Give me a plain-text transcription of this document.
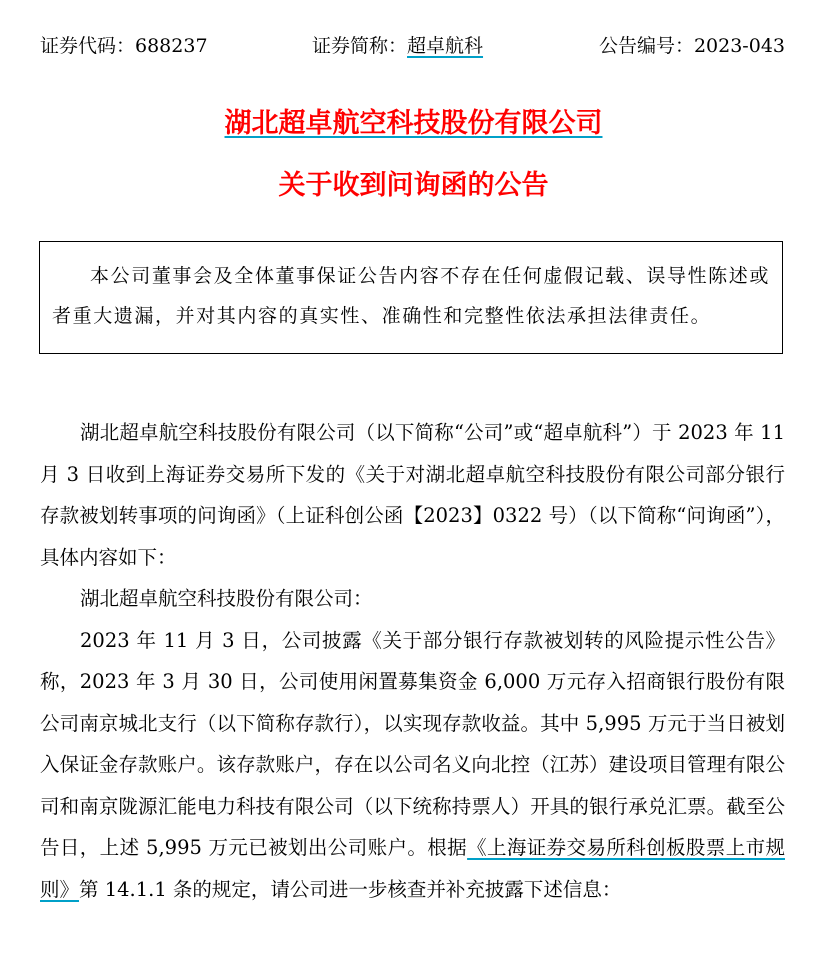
证券代码：688237	证券简称：超卓航科	公告编号：2023-043
湖北超卓航空科技股份有限公司
关于收到问询函的公告

本公司董事会及全体董事保证公告内容不存在任何虚假记载、误导性陈述或者重大遗漏，并对其内容的真实性、准确性和完整性依法承担法律责任。

湖北超卓航空科技股份有限公司（以下简称“公司”或“超卓航科”）于 2023 年 11 月 3 日收到上海证券交易所下发的《关于对湖北超卓航空科技股份有限公司部分银行存款被划转事项的问询函》（上证科创公函【2023】0322 号）（以下简称“问询函”），具体内容如下：

湖北超卓航空科技股份有限公司：

2023 年 11 月 3 日，公司披露《关于部分银行存款被划转的风险提示性公告》称，2023 年 3 月 30 日，公司使用闲置募集资金 6,000 万元存入招商银行股份有限公司南京城北支行（以下简称存款行），以实现存款收益。其中 5,995 万元于当日被划入保证金存款账户。该存款账户，存在以公司名义向北控（江苏）建设项目管理有限公司和南京陇源汇能电力科技有限公司（以下统称持票人）开具的银行承兑汇票。截至公告日，上述 5,995 万元已被划出公司账户。根据《上海证券交易所科创板股票上市规则》第 14.1.1 条的规定，请公司进一步核查并补充披露下述信息：
